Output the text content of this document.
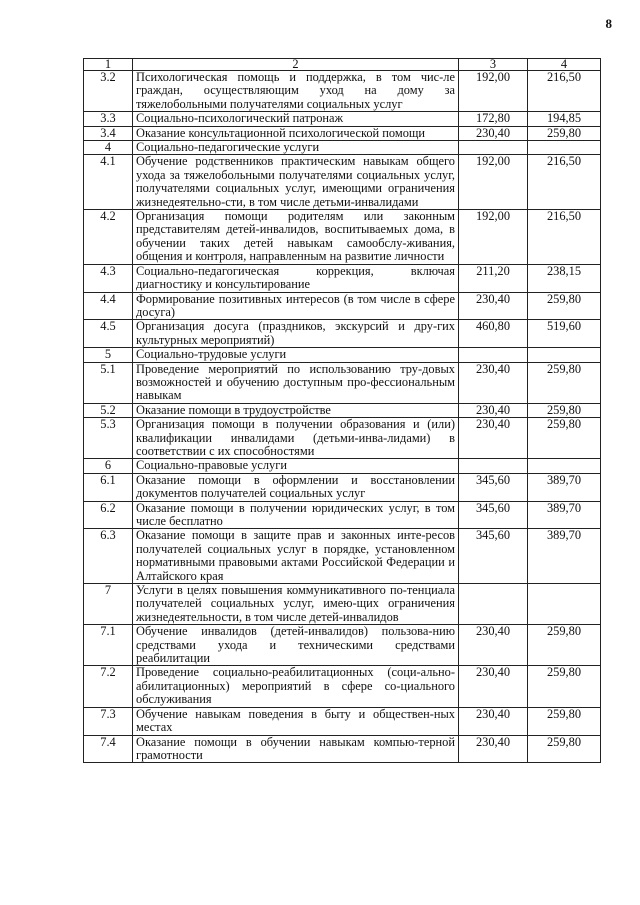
8
1	2	3	4
3.2	Психологическая помощь и поддержка, в том чис-ле граждан, осуществляющим уход на дому за тяжелобольными получателями социальных услуг	192,00	216,50
3.3	Социально-психологический патронаж	172,80	194,85
3.4	Оказание консультационной психологической помощи	230,40	259,80
4	Социально-педагогические услуги		
4.1	Обучение родственников практическим навыкам общего ухода за тяжелобольными получателями социальных услуг, получателями социальных услуг, имеющими ограничения жизнедеятельно-сти, в том числе детьми-инвалидами	192,00	216,50
4.2	Организация помощи родителям или законным представителям детей-инвалидов, воспитываемых дома, в обучении таких детей навыкам самообслу-живания, общения и контроля, направленным на развитие личности	192,00	216,50
4.3	Социально-педагогическая коррекция, включая диагностику и консультирование	211,20	238,15
4.4	Формирование позитивных интересов (в том числе в сфере досуга)	230,40	259,80
4.5	Организация досуга (праздников, экскурсий и дру-гих культурных мероприятий)	460,80	519,60
5	Социально-трудовые услуги		
5.1	Проведение мероприятий по использованию тру-довых возможностей и обучению доступным про-фессиональным навыкам	230,40	259,80
5.2	Оказание помощи в трудоустройстве	230,40	259,80
5.3	Организация помощи в получении образования и (или) квалификации инвалидами (детьми-инва-лидами) в соответствии с их способностями	230,40	259,80
6	Социально-правовые услуги		
6.1	Оказание помощи в оформлении и восстановлении документов получателей социальных услуг	345,60	389,70
6.2	Оказание помощи в получении юридических услуг, в том числе бесплатно	345,60	389,70
6.3	Оказание помощи в защите прав и законных инте-ресов получателей социальных услуг в порядке, установленном нормативными правовыми актами Российской Федерации и Алтайского края	345,60	389,70
7	Услуги в целях повышения коммуникативного по-тенциала получателей социальных услуг, имею-щих ограничения жизнедеятельности, в том числе детей-инвалидов		
7.1	Обучение инвалидов (детей-инвалидов) пользова-нию средствами ухода и техническими средствами реабилитации	230,40	259,80
7.2	Проведение социально-реабилитационных (соци-ально-абилитационных) мероприятий в сфере со-циального обслуживания	230,40	259,80
7.3	Обучение навыкам поведения в быту и обществен-ных местах	230,40	259,80
7.4	Оказание помощи в обучении навыкам компью-терной грамотности	230,40	259,80
